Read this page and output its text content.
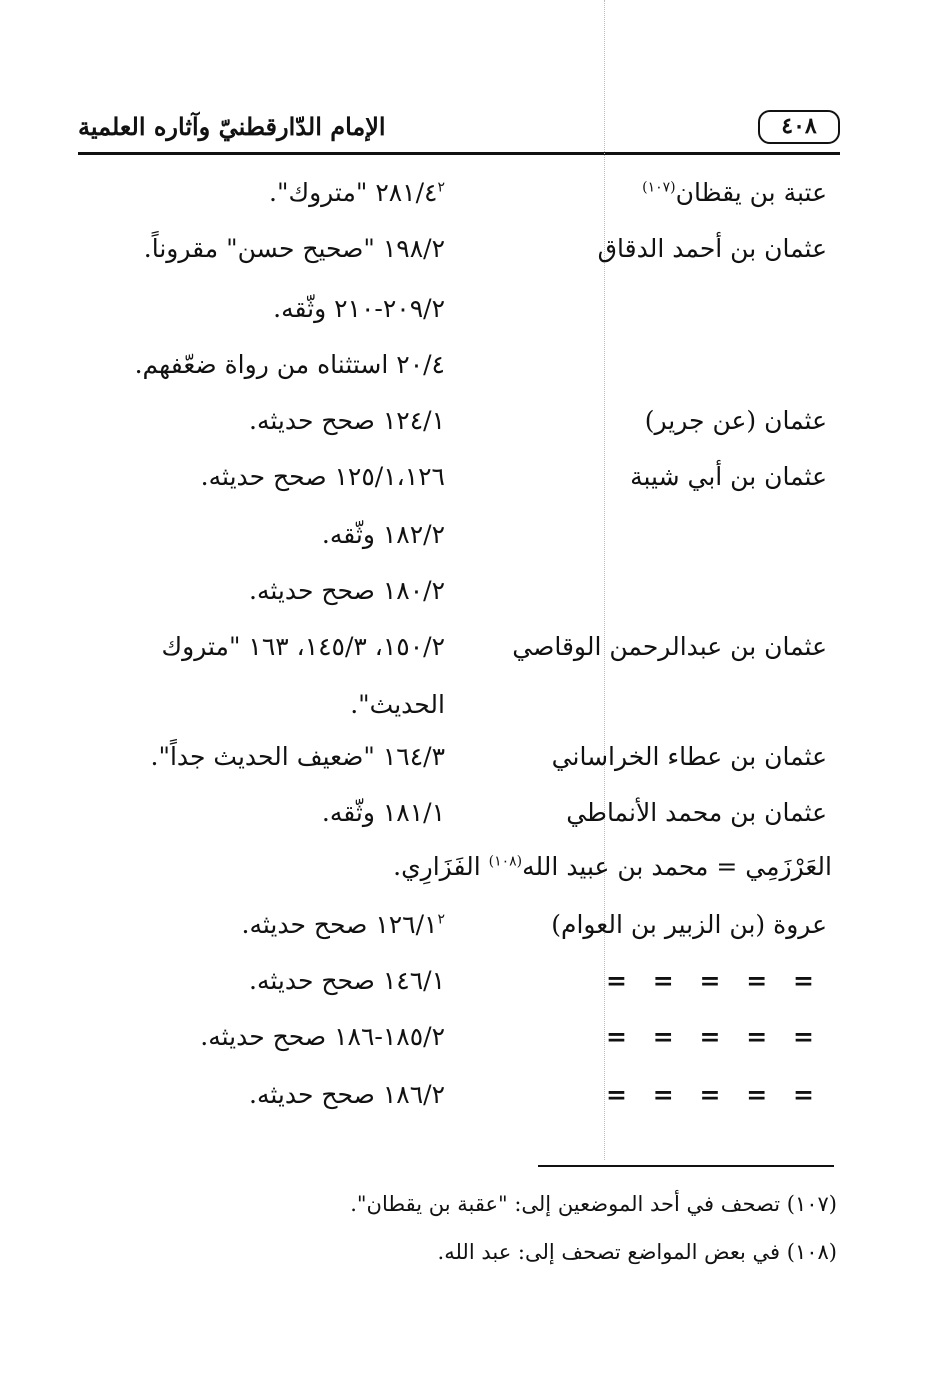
٤٠٨
الإمام الدّارقطنيّ وآثاره العلمية
عتبة بن يقظان$^{(١٠٧)}$
$٢٨١/٤^٢$ "متروك".
عثمان بن أحمد الدقاق
١٩٨/٢ "صحيح حسن" مقروناً.
٢٠٩/٢-٢١٠ وثّقه.
٢٠/٤ استثناه من رواة ضعّفهم.
عثمان (عن جرير)
١٢٤/١ صحح حديثه.
عثمان بن أبي شيبة
١٢٥/١،١٢٦ صحح حديثه.
١٨٢/٢ وثّقه.
١٨٠/٢ صحح حديثه.
عثمان بن عبدالرحمن الوقاصي
١٥٠/٢، ١٤٥/٣، ١٦٣ "متروك
الحديث".
عثمان بن عطاء الخراساني
١٦٤/٣ "ضعيف الحديث جداً".
عثمان بن محمد الأنماطي
١٨١/١ وثّقه.
العَرْزَمِي = محمد بن عبيد الله$^{(١٠٨)}$ الفَزَارِي.
عروة (بن الزبير بن العوام)
$١٢٦/١^٢$ صحح حديثه.
= = = = =
١٤٦/١ صحح حديثه.
= = = = =
١٨٥/٢-١٨٦ صحح حديثه.
= = = = =
١٨٦/٢ صحح حديثه.
(١٠٧) تصحف في أحد الموضعين إلى: "عقبة بن يقطان".
(١٠٨) في بعض المواضع تصحف إلى: عبد الله.
